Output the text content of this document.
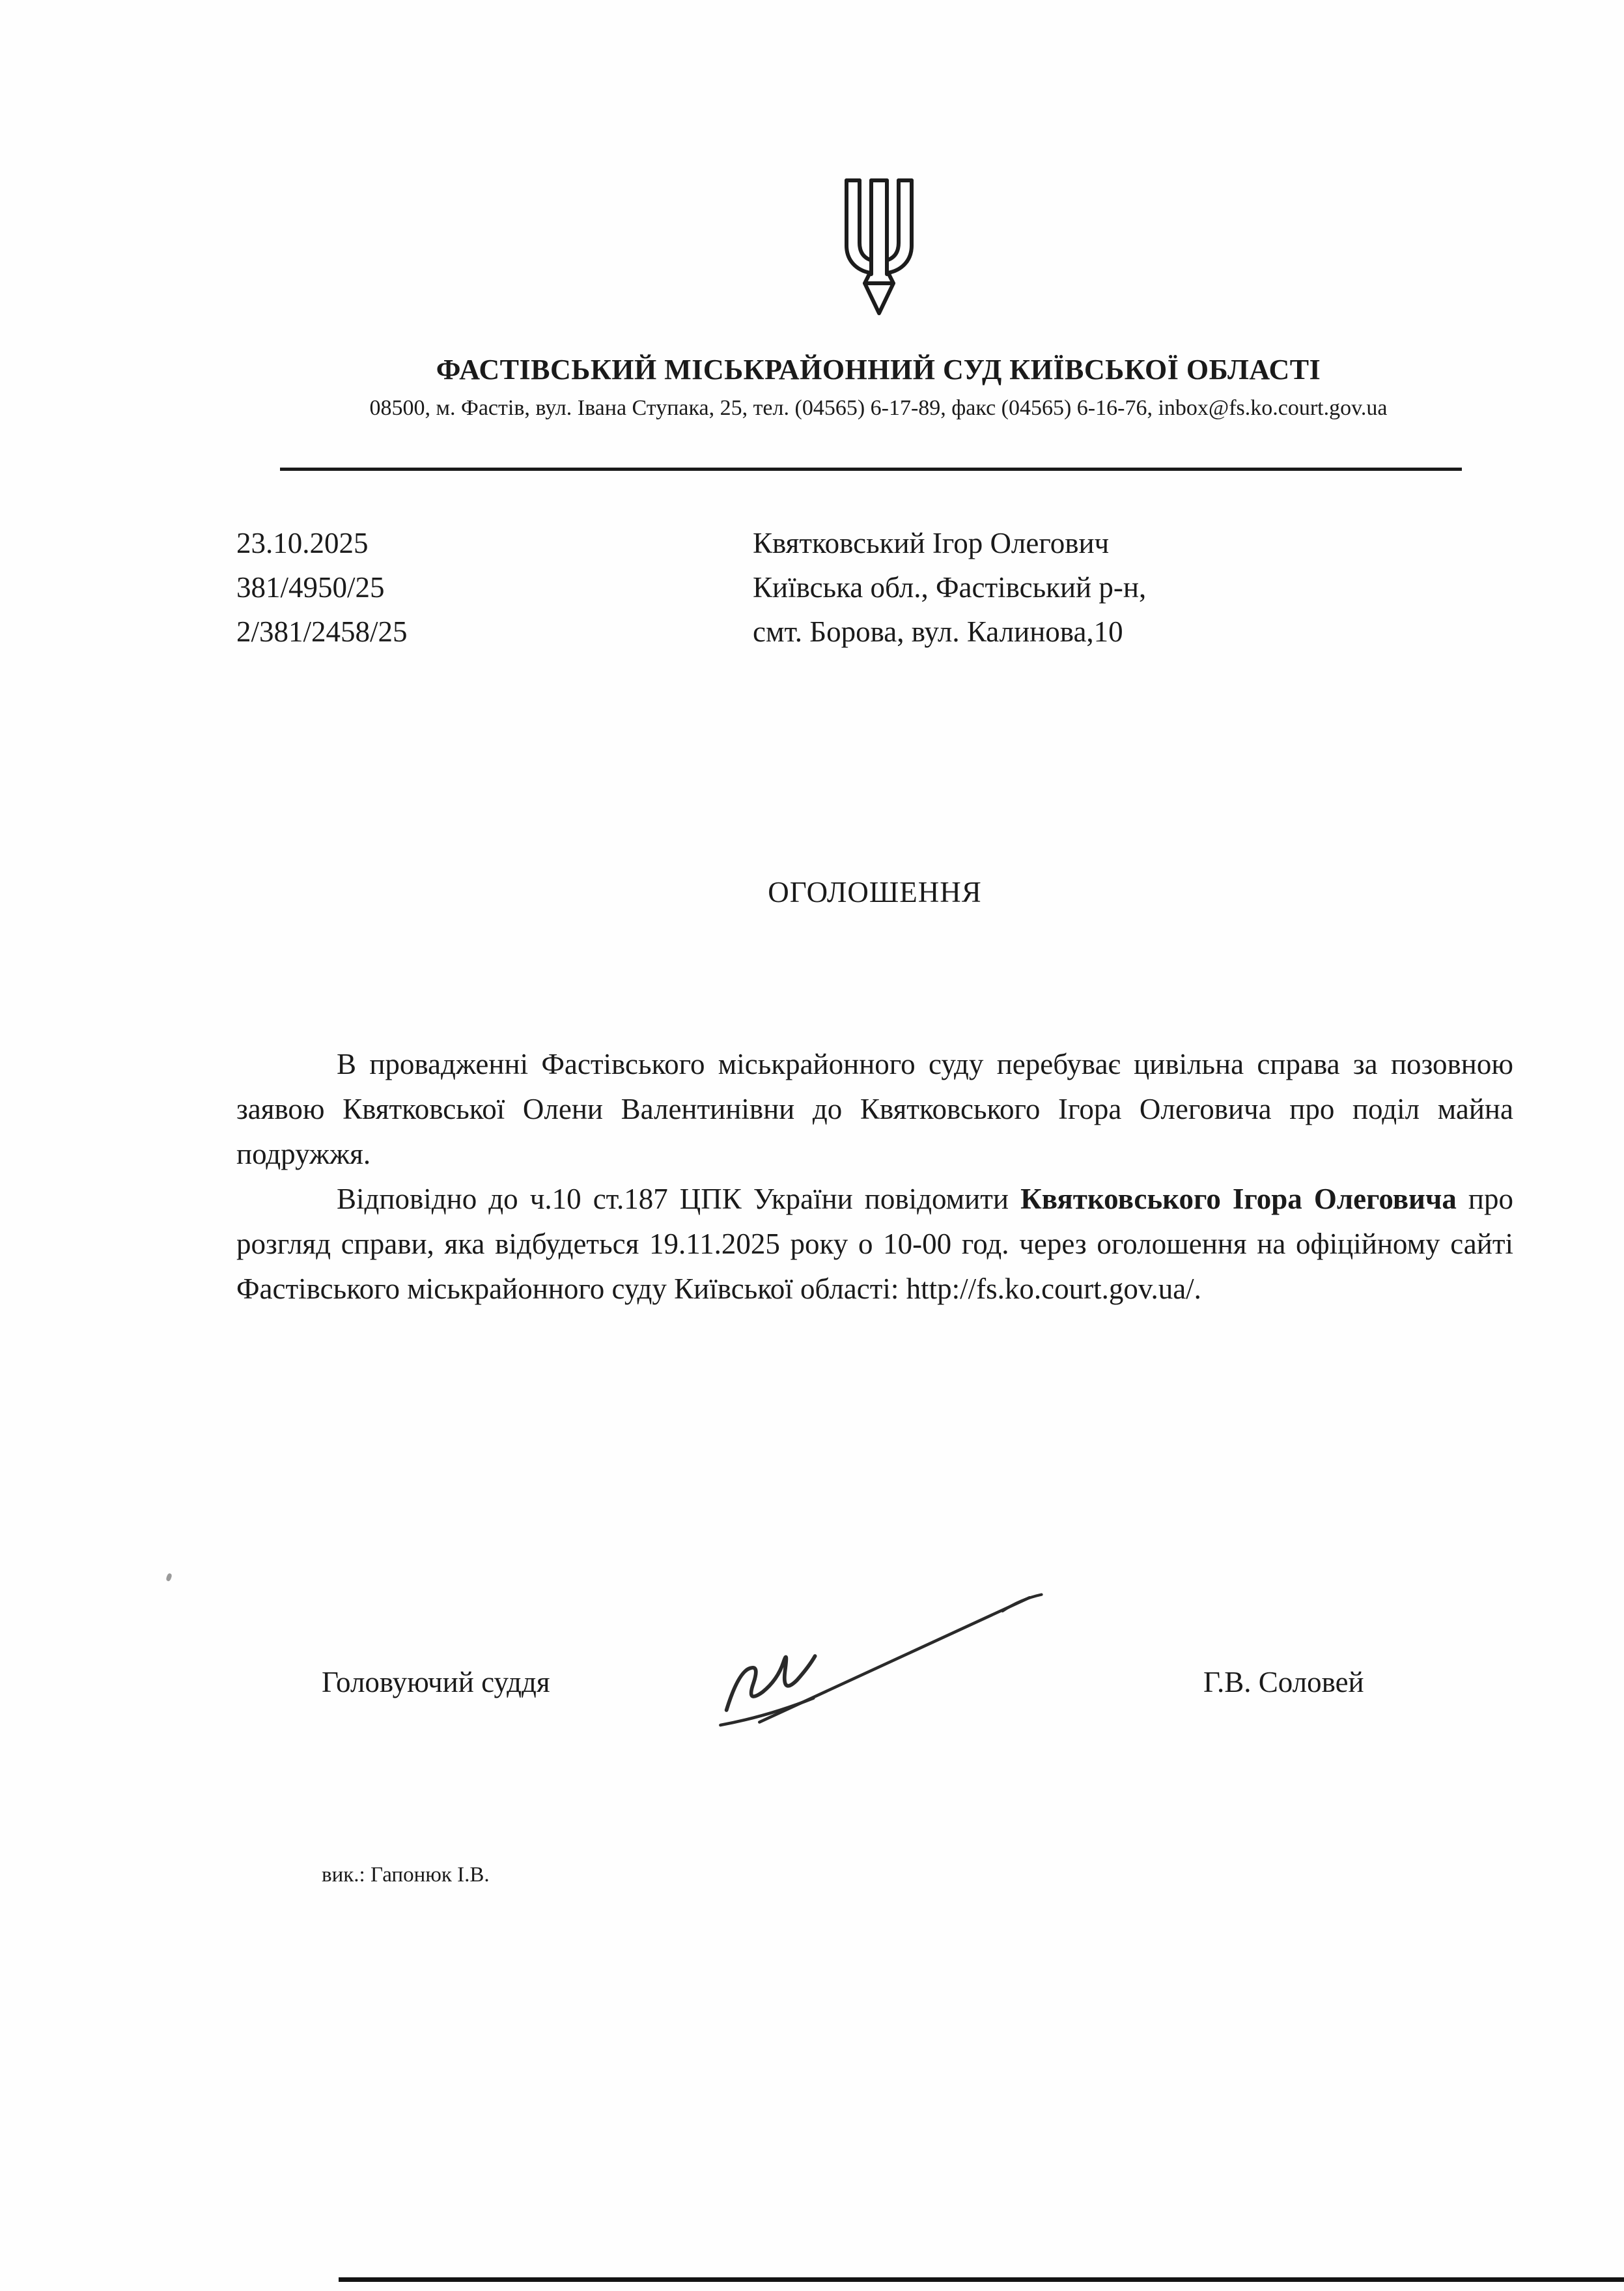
ФАСТІВСЬКИЙ МІСЬКРАЙОННИЙ СУД КИЇВСЬКОЇ ОБЛАСТІ
08500, м. Фастів, вул. Івана Ступака, 25, тел. (04565) 6-17-89, факс (04565) 6-16-76, inbox@fs.ko.court.gov.ua
23.10.2025
381/4950/25
2/381/2458/25
Квятковський Ігор Олегович
Київська обл., Фастівський р-н,
смт. Борова, вул. Калинова,10
ОГОЛОШЕННЯ

В провадженні Фастівського міськрайонного суду перебуває цивільна справа за позовною заявою Квятковської Олени Валентинівни до Квятковського Ігора Олеговича про поділ майна подружжя.

Відповідно до ч.10 ст.187 ЦПК України повідомити Квятковського Ігора Олеговича про розгляд справи, яка відбудеться 19.11.2025 року о 10-00 год. через оголошення на офіційному сайті Фастівського міськрайонного суду Київської області: http://fs.ko.court.gov.ua/.

Головуючий суддя	Г.В. Соловей
вик.: Гапонюк І.В.
